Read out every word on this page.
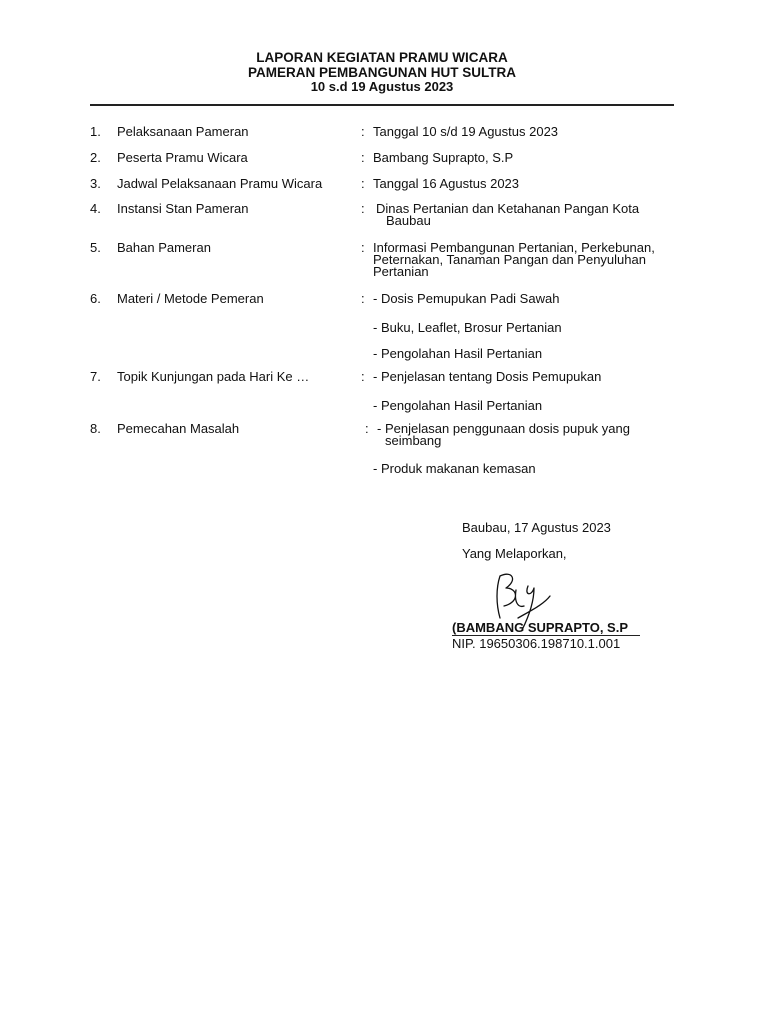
LAPORAN KEGIATAN PRAMU WICARA
PAMERAN PEMBANGUNAN HUT SULTRA
10 s.d 19 Agustus 2023
1. Pelaksanaan Pameran	: Tanggal 10 s/d 19 Agustus 2023
2. Peserta Pramu Wicara	: Bambang Suprapto, S.P
3. Jadwal Pelaksanaan Pramu Wicara	: Tanggal 16 Agustus 2023
4. Instansi Stan Pameran	: Dinas Pertanian dan Ketahanan Pangan Kota
Baubau
5. Bahan Pameran	: Informasi Pembangunan Pertanian, Perkebunan,
Peternakan, Tanaman Pangan dan Penyuluhan
Pertanian
6. Materi / Metode Pemeran	: - Dosis Pemupukan Padi Sawah
- Buku, Leaflet, Brosur Pertanian
- Pengolahan Hasil Pertanian
7. Topik Kunjungan pada Hari Ke …	: - Penjelasan tentang Dosis Pemupukan
- Pengolahan Hasil Pertanian
8. Pemecahan Masalah	: - Penjelasan penggunaan dosis pupuk yang
seimbang
- Produk makanan kemasan
Baubau, 17 Agustus 2023
Yang Melaporkan,
(BAMBANG SUPRAPTO, S.P
NIP. 19650306.198710.1.001
